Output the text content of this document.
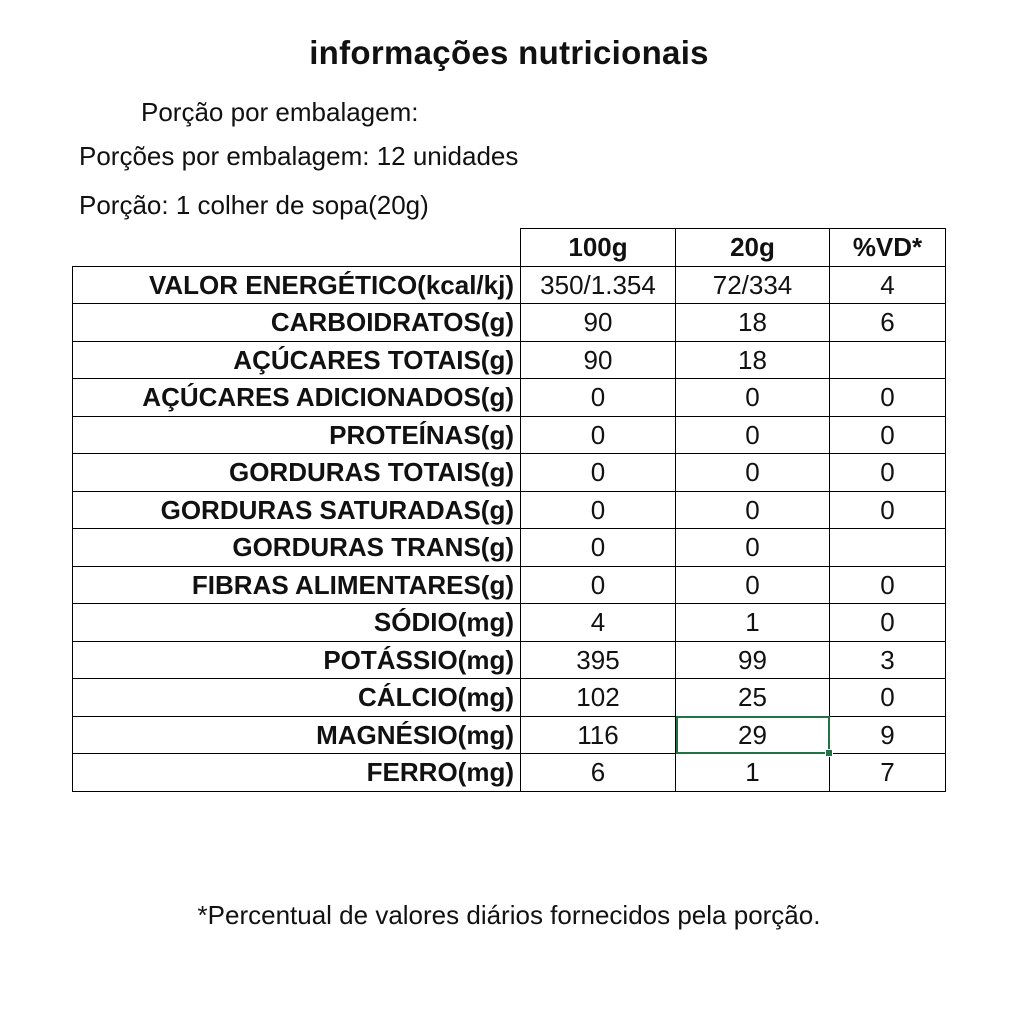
informações nutricionais
Porção por embalagem:
Porções por embalagem: 12 unidades
Porção: 1 colher de sopa(20g)
	100g	20g	%VD*
VALOR ENERGÉTICO(kcal/kj)	350/1.354	72/334	4
CARBOIDRATOS(g)	90	18	6
AÇÚCARES TOTAIS(g)	90	18	
AÇÚCARES ADICIONADOS(g)	0	0	0
PROTEÍNAS(g)	0	0	0
GORDURAS TOTAIS(g)	0	0	0
GORDURAS SATURADAS(g)	0	0	0
GORDURAS TRANS(g)	0	0	
FIBRAS ALIMENTARES(g)	0	0	0
SÓDIO(mg)	4	1	0
POTÁSSIO(mg)	395	99	3
CÁLCIO(mg)	102	25	0
MAGNÉSIO(mg)	116	29	9
FERRO(mg)	6	1	7
*Percentual de valores diários fornecidos pela porção.
